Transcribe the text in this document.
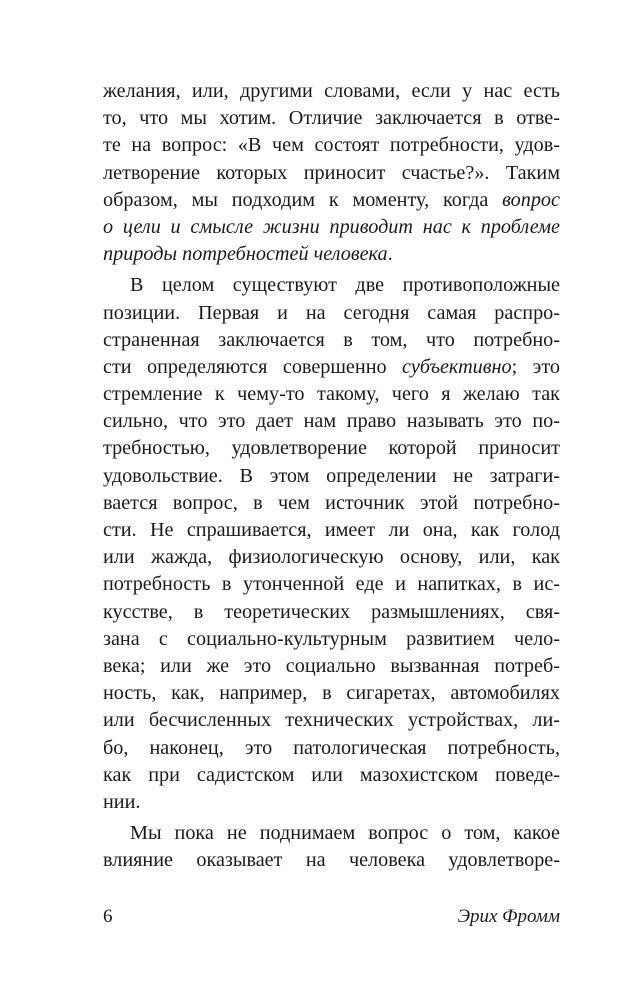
желания, или, другими словами, если у нас есть
то, что мы хотим. Отличие заключается в отве-
те на вопрос: «В чем состоят потребности, удов-
летворение которых приносит счастье?». Таким
образом, мы подходим к моменту, когда вопрос
о цели и смысле жизни приводит нас к проблеме
природы потребностей человека.
В целом существуют две противоположные
позиции. Первая и на сегодня самая распро-
страненная заключается в том, что потребно-
сти определяются совершенно субъективно; это
стремление к чему-то такому, чего я желаю так
сильно, что это дает нам право называть это по-
требностью, удовлетворение которой приносит
удовольствие. В этом определении не затраги-
вается вопрос, в чем источник этой потребно-
сти. Не спрашивается, имеет ли она, как голод
или жажда, физиологическую основу, или, как
потребность в утонченной еде и напитках, в ис-
кусстве, в теоретических размышлениях, свя-
зана с социально-культурным развитием чело-
века; или же это социально вызванная потреб-
ность, как, например, в сигаретах, автомобилях
или бесчисленных технических устройствах, ли-
бо, наконец, это патологическая потребность,
как при садистском или мазохистском поведе-
нии.
Мы пока не поднимаем вопрос о том, какое
влияние оказывает на человека удовлетворе-
6	Эрих Фромм
